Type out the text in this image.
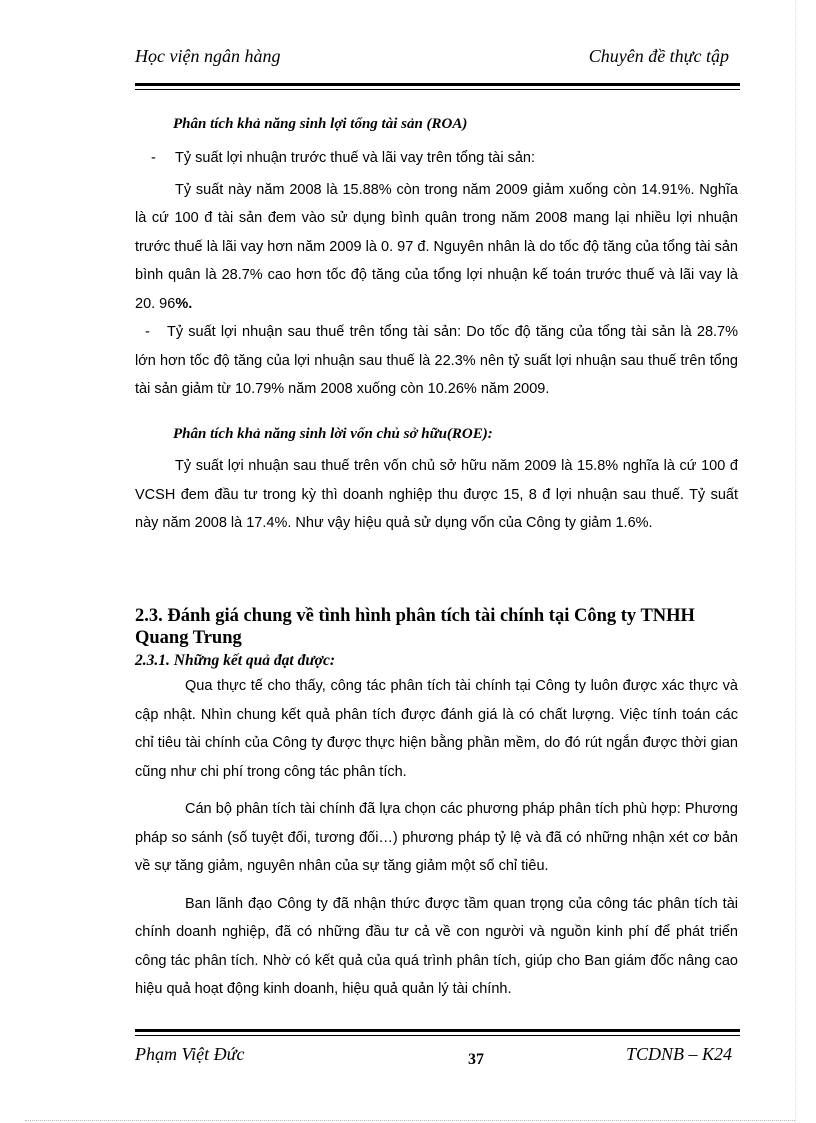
Học viện ngân hàng	Chuyên đề thực tập
Phân tích khả năng sinh lợi tổng tài sản (ROA)

- Tỷ suất lợi nhuận trước thuế và lãi vay trên tổng tài sản:

Tỷ suất này năm 2008 là 15.88% còn trong năm 2009 giảm xuống còn 14.91%. Nghĩa là cứ 100 đ tài sản đem vào sử dụng bình quân trong năm 2008 mang lại nhiều lợi nhuận trước thuế là lãi vay hơn năm 2009 là 0. 97 đ. Nguyên nhân là do tốc độ tăng của tổng tài sản bình quân là 28.7% cao hơn tốc độ tăng của tổng lợi nhuận kế toán trước thuế và lãi vay là 20. 96%.

- Tỷ suất lợi nhuận sau thuế trên tổng tài sản: Do tốc độ tăng của tổng tài sản là 28.7% lớn hơn tốc độ tăng của lợi nhuận sau thuế là 22.3% nên tỷ suất lợi nhuận sau thuế trên tổng tài sản giảm từ 10.79% năm 2008 xuống còn 10.26% năm 2009.

Phân tích khả năng sinh lời vốn chủ sở hữu(ROE):

Tỷ suất lợi nhuận sau thuế trên vốn chủ sở hữu năm 2009 là 15.8% nghĩa là cứ 100 đ VCSH đem đầu tư trong kỳ thì doanh nghiệp thu được 15, 8 đ lợi nhuận sau thuế. Tỷ suất này năm 2008 là 17.4%. Như vậy hiệu quả sử dụng vốn của Công ty giảm 1.6%.

2.3. Đánh giá chung về tình hình phân tích tài chính tại Công ty TNHH Quang Trung
2.3.1. Những kết quả đạt được:

Qua thực tế cho thấy, công tác phân tích tài chính tại Công ty luôn được xác thực và cập nhật. Nhìn chung kết quả phân tích được đánh giá là có chất lượng. Việc tính toán các chỉ tiêu tài chính của Công ty được thực hiện bằng phần mềm, do đó rút ngắn được thời gian cũng như chi phí trong công tác phân tích.

Cán bộ phân tích tài chính đã lựa chọn các phương pháp phân tích phù hợp: Phương pháp so sánh (số tuyệt đối, tương đối…) phương pháp tỷ lệ và đã có những nhận xét cơ bản về sự tăng giảm, nguyên nhân của sự tăng giảm một số chỉ tiêu.

Ban lãnh đạo Công ty đã nhận thức được tầm quan trọng của công tác phân tích tài chính doanh nghiệp, đã có những đầu tư cả về con người và nguồn kinh phí để phát triển công tác phân tích. Nhờ có kết quả của quá trình phân tích, giúp cho Ban giám đốc nâng cao hiệu quả hoạt động kinh doanh, hiệu quả quản lý tài chính.

Phạm Việt Đức	37	TCDNB – K24
